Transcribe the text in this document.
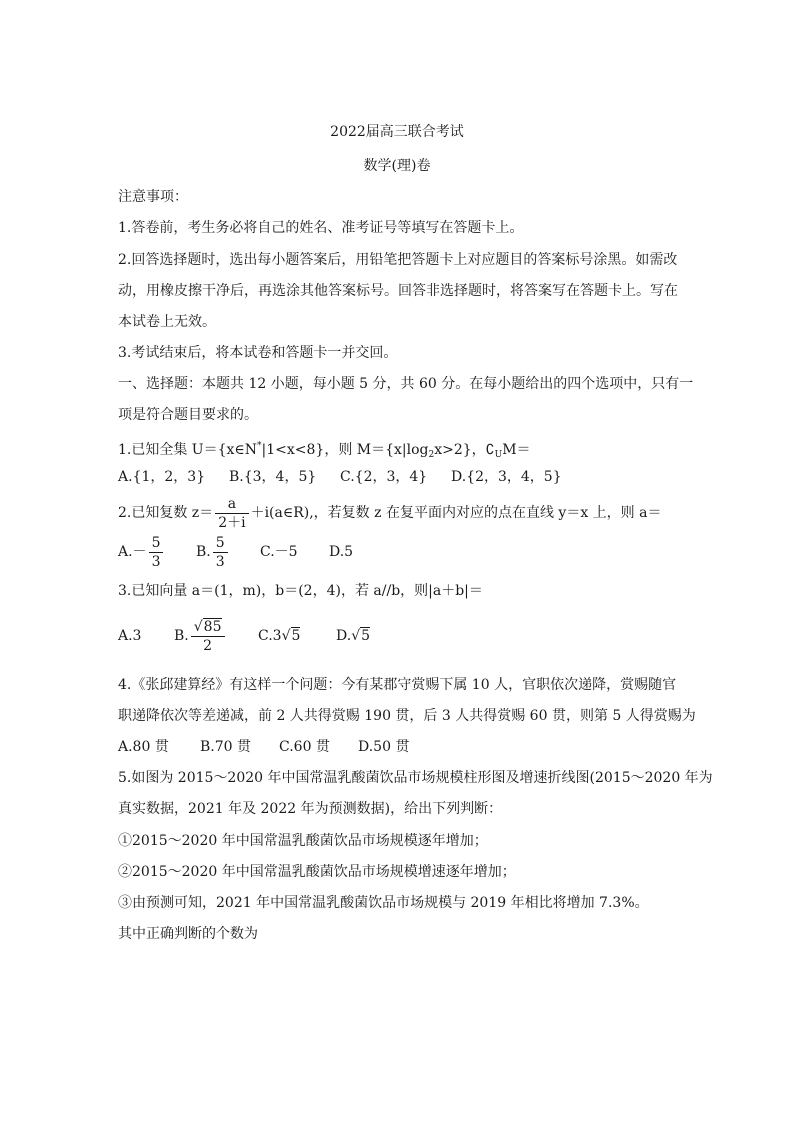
2022届高三联合考试
数学(理)卷
注意事项：
1.答卷前，考生务必将自己的姓名、准考证号等填写在答题卡上。
2.回答选择题时，选出每小题答案后，用铅笔把答题卡上对应题目的答案标号涂黑。如需改
动，用橡皮擦干净后，再选涂其他答案标号。回答非选择题时，将答案写在答题卡上。写在
本试卷上无效。
3.考试结束后，将本试卷和答题卡一并交回。
一、选择题：本题共 12 小题，每小题 5 分，共 60 分。在每小题给出的四个选项中，只有一
项是符合题目要求的。
1.已知全集 U＝{x∈N*|1<x<8}，则 $M=\{x|\log_2x>2\}$，$∁_UM=$
A.{1，2，3} B.{3，4，5} C.{2，3，4} D.{2，3，4，5}
2.已知复数 $z= \frac{a}{2+i}$ ＋i(a∈R),，若复数 z 在复平面内对应的点在直线 y＝x 上，则 a＝
$A.- \frac{5}{3} B$. $\frac{5}{3} C.-5$ D.5
3.已知向量 a＝(1，m)，b＝(2，4)，若 a//b，则|a＋b|＝
A.3 B. $\frac{√85}{2} C.3√5$	D.√5
4.《张邱建算经》有这样一个问题：今有某郡守赏赐下属 10 人，官职依次递降，赏赐随官
职递降依次等差递减，前 2 人共得赏赐 190 贯，后 3 人共得赏赐 60 贯，则第 5 人得赏赐为
A.80 贯 B.70 贯 C.60 贯 D.50 贯
5.如图为 2015～2020 年中国常温乳酸菌饮品市场规模柱形图及增速折线图(2015～2020 年为
真实数据，2021 年及 2022 年为预测数据)，给出下列判断：
①2015～2020 年中国常温乳酸菌饮品市场规模逐年增加；
②2015～2020 年中国常温乳酸菌饮品市场规模增速逐年增加；
③由预测可知，2021 年中国常温乳酸菌饮品市场规模与 2019 年相比将增加 7.3%。
其中正确判断的个数为
